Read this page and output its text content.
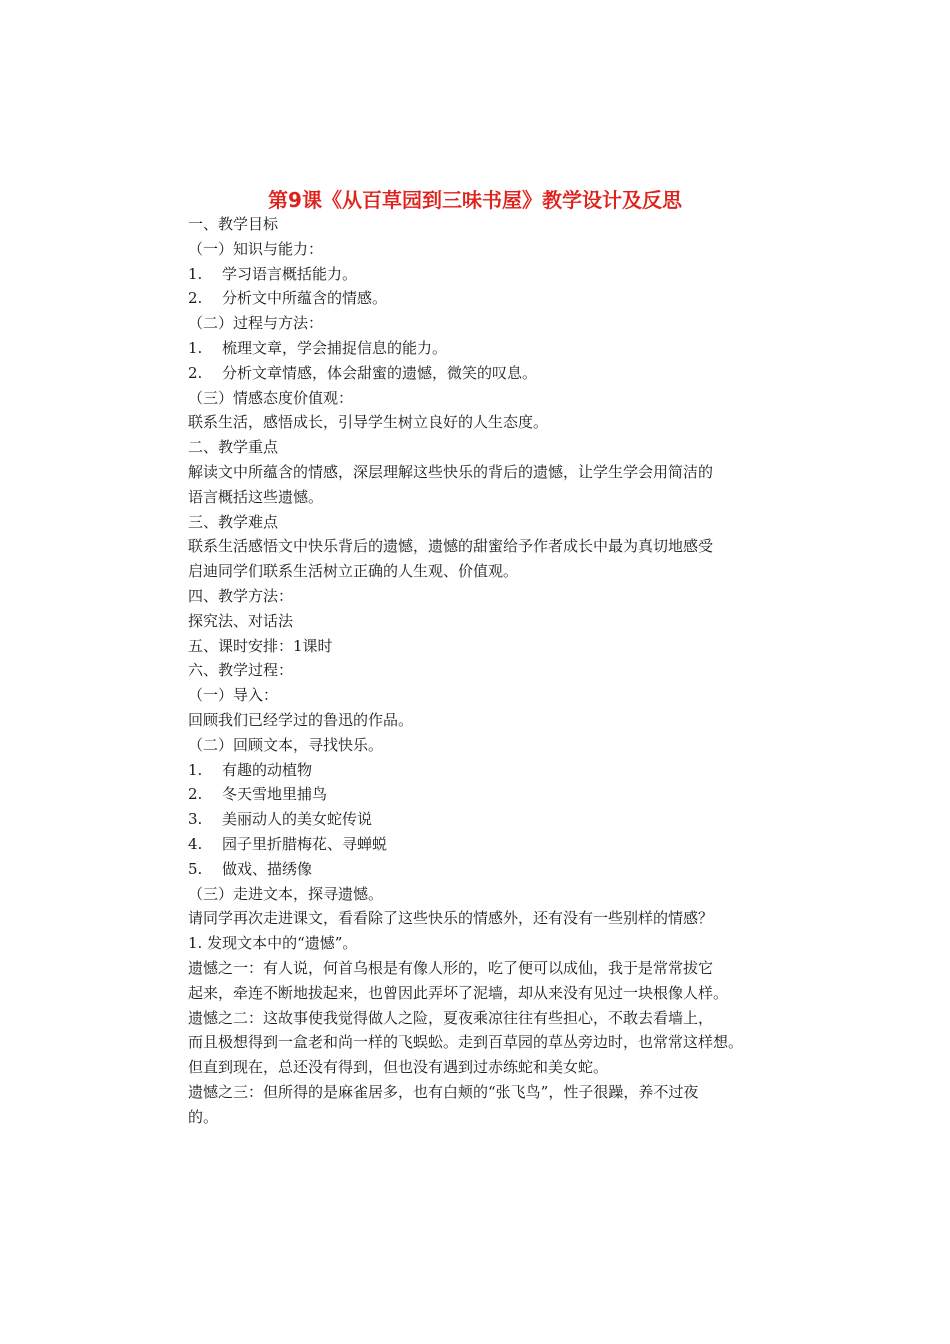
第9课《从百草园到三味书屋》教学设计及反思
一、教学目标
（一）知识与能力：
1. 学习语言概括能力。
2. 分析文中所蕴含的情感。
（二）过程与方法：
1. 梳理文章，学会捕捉信息的能力。
2. 分析文章情感，体会甜蜜的遗憾，微笑的叹息。
（三）情感态度价值观：
联系生活，感悟成长，引导学生树立良好的人生态度。
二、教学重点
解读文中所蕴含的情感，深层理解这些快乐的背后的遗憾，让学生学会用简洁的
语言概括这些遗憾。
三、教学难点
联系生活感悟文中快乐背后的遗憾，遗憾的甜蜜给予作者成长中最为真切地感受
启迪同学们联系生活树立正确的人生观、价值观。
四、教学方法：
探究法、对话法
五、课时安排：1课时
六、教学过程：
（一）导入：
回顾我们已经学过的鲁迅的作品。
（二）回顾文本，寻找快乐。
1. 有趣的动植物
2. 冬天雪地里捕鸟
3. 美丽动人的美女蛇传说
4. 园子里折腊梅花、寻蝉蜕
5. 做戏、描绣像
（三）走进文本，探寻遗憾。
请同学再次走进课文，看看除了这些快乐的情感外，还有没有一些别样的情感？
1. 发现文本中的“遗憾”。
遗憾之一：有人说，何首乌根是有像人形的，吃了便可以成仙，我于是常常拔它
起来，牵连不断地拔起来，也曾因此弄坏了泥墙，却从来没有见过一块根像人样。
遗憾之二：这故事使我觉得做人之险，夏夜乘凉往往有些担心，不敢去看墙上，
而且极想得到一盒老和尚一样的飞蜈蚣。走到百草园的草丛旁边时，也常常这样想。
但直到现在，总还没有得到，但也没有遇到过赤练蛇和美女蛇。
遗憾之三：但所得的是麻雀居多，也有白颊的“张飞鸟”，性子很躁，养不过夜
的。
